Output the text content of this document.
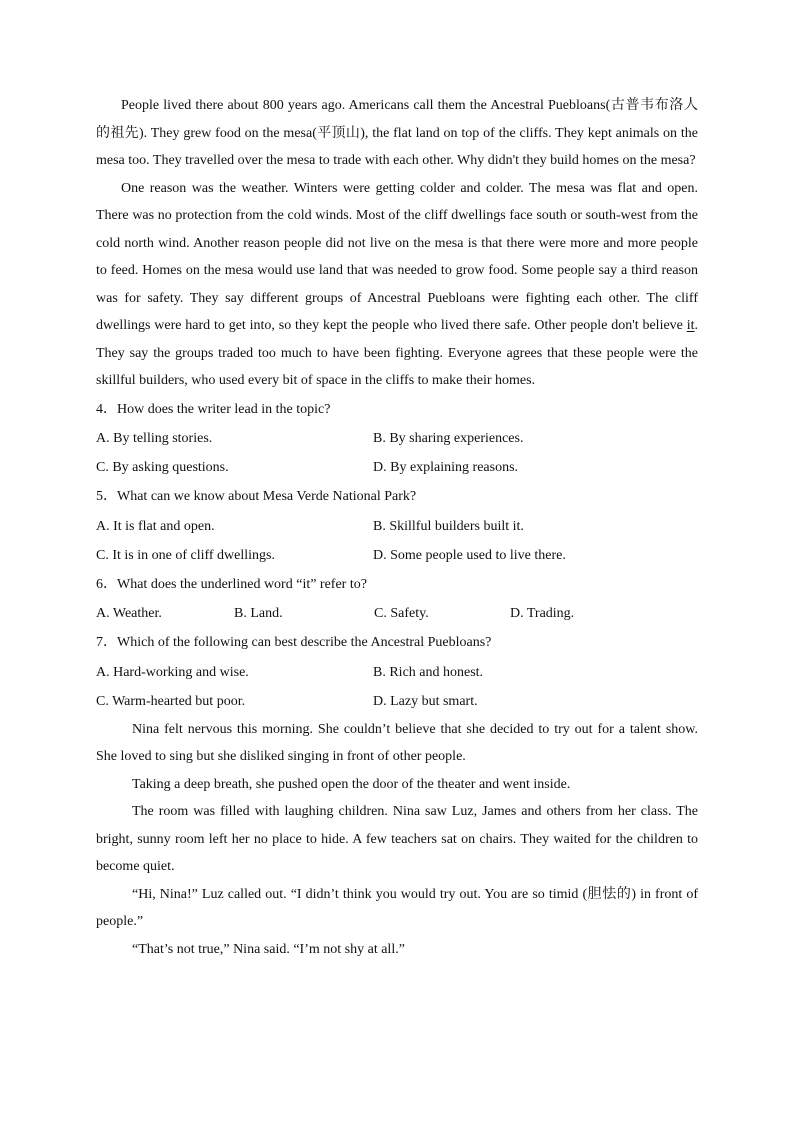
People lived there about 800 years ago. Americans call them the Ancestral Puebloans(古普韦布洛人的祖先). They grew food on the mesa(平顶山), the flat land on top of the cliffs. They kept animals on the mesa too. They travelled over the mesa to trade with each other. Why didn't they build homes on the mesa?

One reason was the weather. Winters were getting colder and colder. The mesa was flat and open. There was no protection from the cold winds. Most of the cliff dwellings face south or south-west from the cold north wind. Another reason people did not live on the mesa is that there were more and more people to feed. Homes on the mesa would use land that was needed to grow food. Some people say a third reason was for safety. They say different groups of Ancestral Puebloans were fighting each other. The cliff dwellings were hard to get into, so they kept the people who lived there safe. Other people don't believe it. They say the groups traded too much to have been fighting. Everyone agrees that these people were the skillful builders, who used every bit of space in the cliffs to make their homes.

4．How does the writer lead in the topic?

A. By telling stories.	B. By sharing experiences.
C. By asking questions.	D. By explaining reasons.

5．What can we know about Mesa Verde National Park?

A. It is flat and open.	B. Skillful builders built it.
C. It is in one of cliff dwellings.	D. Some people used to live there.

6．What does the underlined word “it” refer to?

A. Weather.	B. Land.	C. Safety.	D. Trading.

7．Which of the following can best describe the Ancestral Puebloans?

A. Hard-working and wise.	B. Rich and honest.
C. Warm-hearted but poor.	D. Lazy but smart.

Nina felt nervous this morning. She couldn’t believe that she decided to try out for a talent show. She loved to sing but she disliked singing in front of other people.

Taking a deep breath, she pushed open the door of the theater and went inside.

The room was filled with laughing children. Nina saw Luz, James and others from her class. The bright, sunny room left her no place to hide. A few teachers sat on chairs. They waited for the children to become quiet.

“Hi, Nina!” Luz called out. “I didn’t think you would try out. You are so timid (胆怯的) in front of people.”

“That’s not true,” Nina said. “I’m not shy at all.”
